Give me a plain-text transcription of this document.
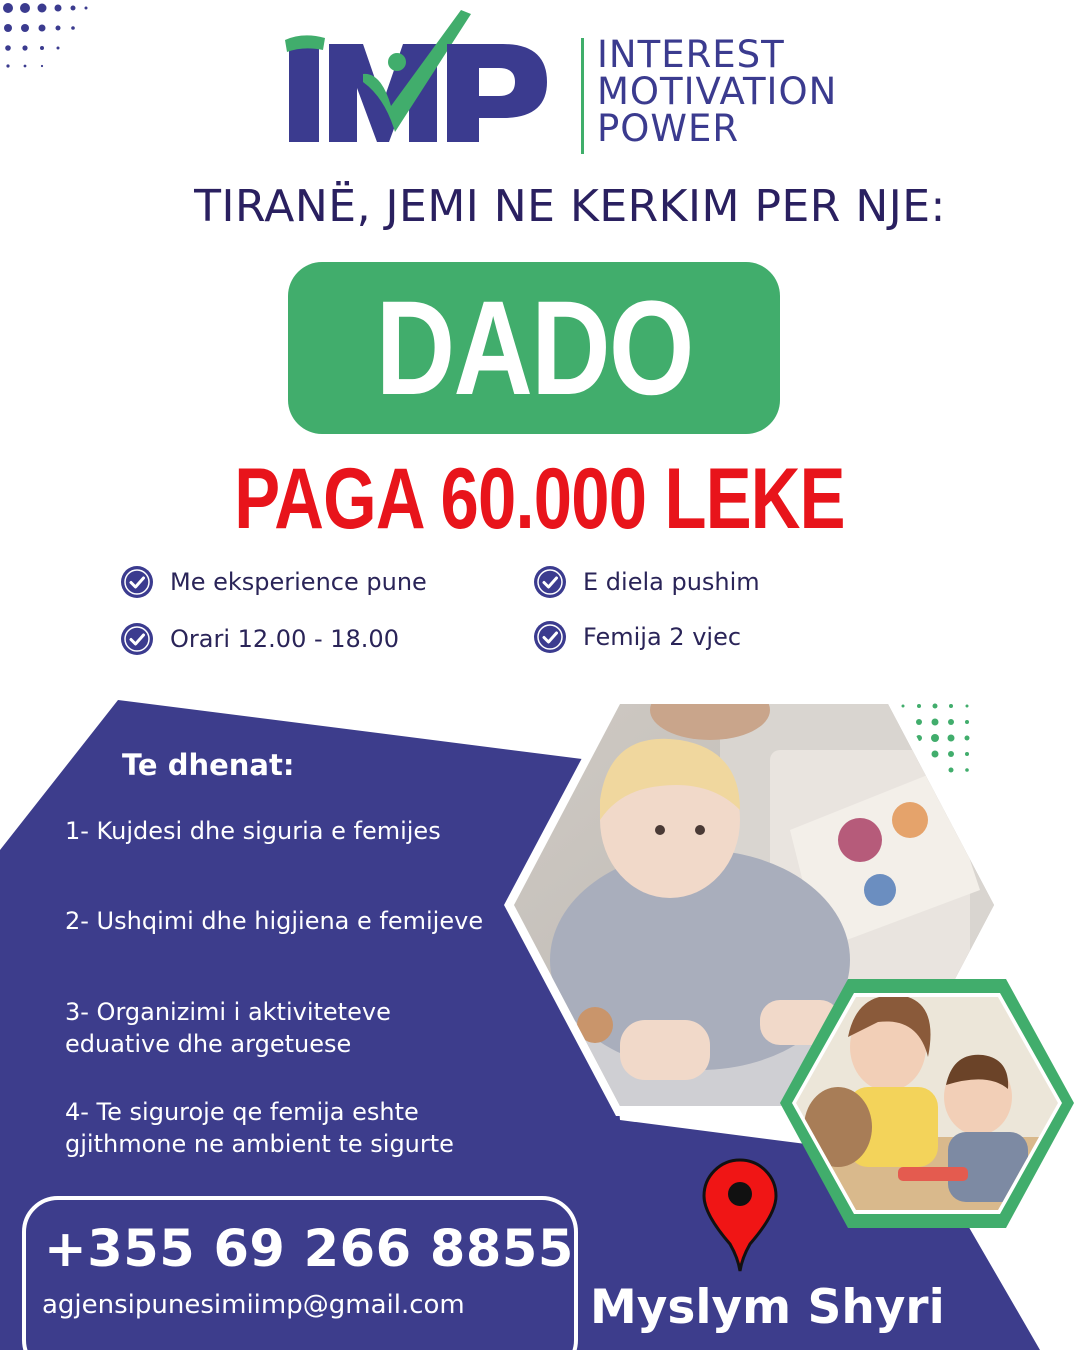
INTEREST
MOTIVATION
POWER
TIRANË, JEMI NE KERKIM PER NJE:
DADO
PAGA 60.000 LEKE
Me eksperience pune	E diela pushim
Orari 12.00 - 18.00	Femija 2 vjec
Te dhenat:
1- Kujdesi dhe siguria e femijes
2- Ushqimi dhe higjiena e femijeve
3- Organizimi i aktiviteteve eduative dhe argetuese
4- Te siguroje qe femija eshte gjithmone ne ambient te sigurte
+355 69 266 8855
agjensipunesimiimp@gmail.com	Myslym Shyri
